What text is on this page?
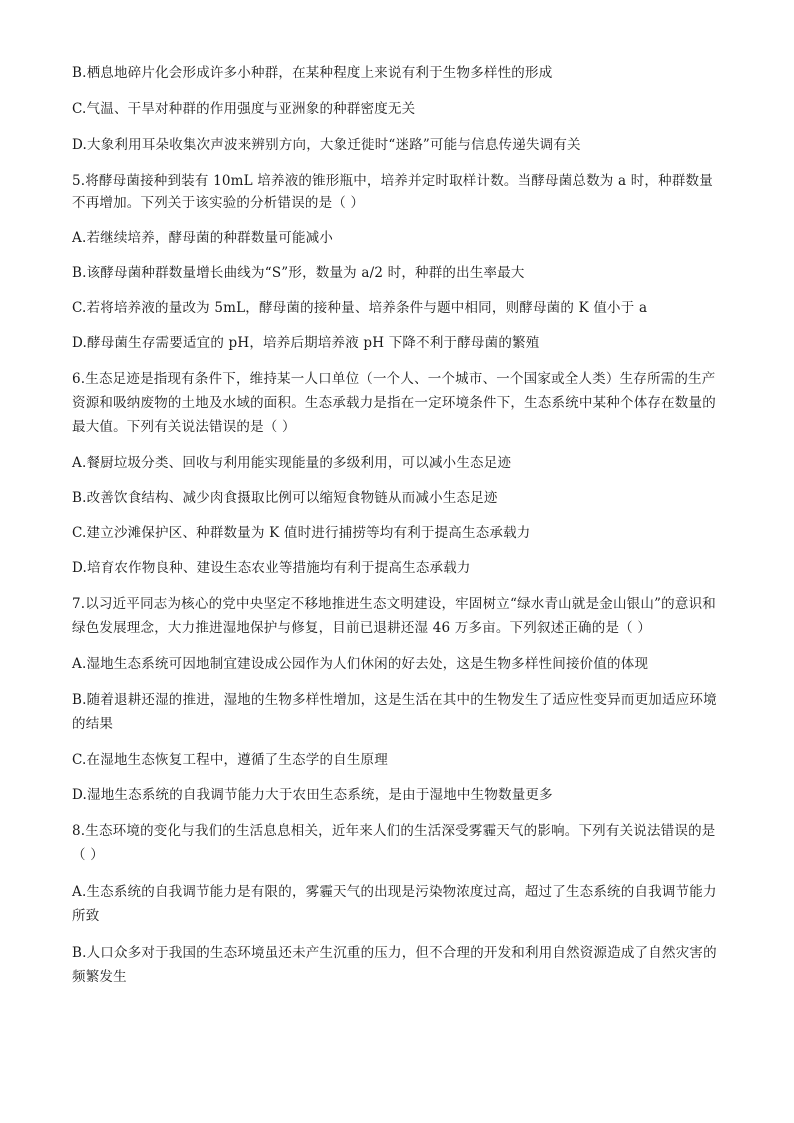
B.栖息地碎片化会形成许多小种群，在某种程度上来说有利于生物多样性的形成

C.气温、干旱对种群的作用强度与亚洲象的种群密度无关

D.大象利用耳朵收集次声波来辨别方向，大象迁徙时“迷路”可能与信息传递失调有关

5.将酵母菌接种到装有 10mL 培养液的锥形瓶中，培养并定时取样计数。当酵母菌总数为 a 时，种群数量不再增加。下列关于该实验的分析错误的是（ ）

A.若继续培养，酵母菌的种群数量可能减小

B.该酵母菌种群数量增长曲线为“S”形，数量为 a/2 时，种群的出生率最大

C.若将培养液的量改为 5mL，酵母菌的接种量、培养条件与题中相同，则酵母菌的 K 值小于 a

D.酵母菌生存需要适宜的 pH，培养后期培养液 pH 下降不利于酵母菌的繁殖

6.生态足迹是指现有条件下，维持某一人口单位（一个人、一个城市、一个国家或全人类）生存所需的生产资源和吸纳废物的土地及水域的面积。生态承载力是指在一定环境条件下，生态系统中某种个体存在数量的最大值。下列有关说法错误的是（ ）

A.餐厨垃圾分类、回收与利用能实现能量的多级利用，可以减小生态足迹

B.改善饮食结构、减少肉食摄取比例可以缩短食物链从而减小生态足迹

C.建立沙滩保护区、种群数量为 K 值时进行捕捞等均有利于提高生态承载力

D.培育农作物良种、建设生态农业等措施均有利于提高生态承载力

7.以习近平同志为核心的党中央坚定不移地推进生态文明建设，牢固树立“绿水青山就是金山银山”的意识和绿色发展理念，大力推进湿地保护与修复，目前已退耕还湿 46 万多亩。下列叙述正确的是（ ）

A.湿地生态系统可因地制宜建设成公园作为人们休闲的好去处，这是生物多样性间接价值的体现

B.随着退耕还湿的推进，湿地的生物多样性增加，这是生活在其中的生物发生了适应性变异而更加适应环境的结果

C.在湿地生态恢复工程中，遵循了生态学的自生原理

D.湿地生态系统的自我调节能力大于农田生态系统，是由于湿地中生物数量更多

8.生态环境的变化与我们的生活息息相关，近年来人们的生活深受雾霾天气的影响。下列有关说法错误的是（ ）

A.生态系统的自我调节能力是有限的，雾霾天气的出现是污染物浓度过高，超过了生态系统的自我调节能力所致

B.人口众多对于我国的生态环境虽还未产生沉重的压力，但不合理的开发和利用自然资源造成了自然灾害的频繁发生
